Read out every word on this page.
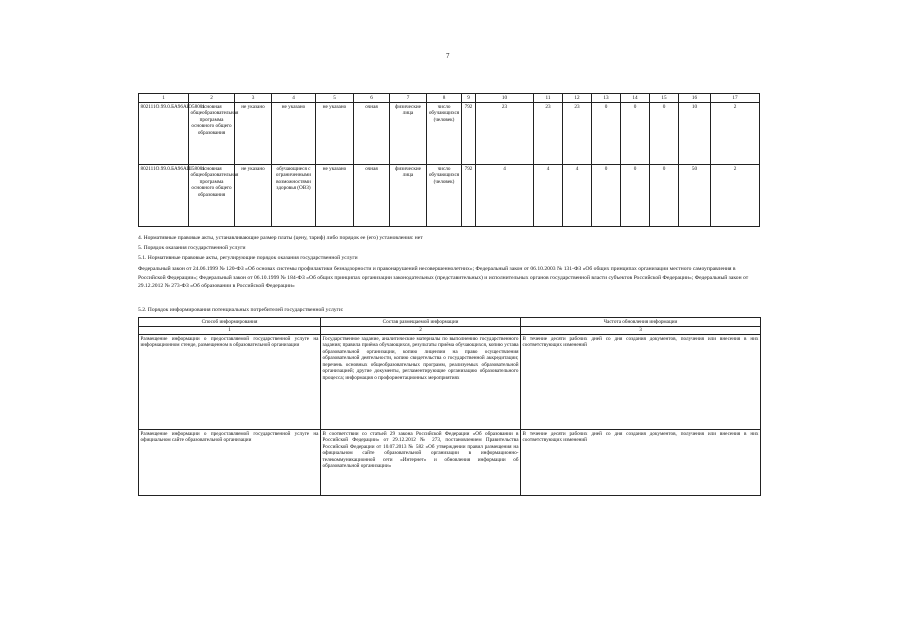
7
1	2	3	4	5	6	7	8	9	10	11	12	13	14	15	16	17
802111О.99.0.БА96АЮ58001	основная общеобразовательная программа основного общего образования	не указано	не указано	не указано	очная	физические лица	число обучающихся (человек)	792	23	23	23	0	0	0	10	2
802111О.99.0.БА96АШ58001	основная общеобразовательная программа основного общего образования	не указано	обучающиеся с ограниченными возможностями здоровья (ОВЗ)	не указано	очная	физические лица	число обучающихся (человек)	792	4	4	4	0	0	0	50	2
4. Нормативные правовые акты, устанавливающие размер платы (цену, тариф) либо порядок ее (его) установления: нет
5. Порядок оказания государственной услуги
5.1. Нормативные правовые акты, регулирующие порядок оказания государственной услуги
Федеральный закон от 24.06.1999 № 120-ФЗ «Об основах системы профилактики безнадзорности и правонарушений несовершеннолетних»; Федеральный закон от 06.10.2003 № 131-ФЗ «Об общих принципах организации местного самоуправления в Российской Федерации»; Федеральный закон от 06.10.1999 № 184-ФЗ «Об общих принципах организации законодательных (представительных) и исполнительных органов государственной власти субъектов Российской Федерации»; Федеральный закон от 29.12.2012 № 273-ФЗ «Об образовании в Российской Федерации»
5.2. Порядок информирования потенциальных потребителей государственной услуги:
Способ информирования	Состав размещаемой информации	Частота обновления информации
1	2	3
Размещение информации о предоставляемой государственной услуге на информационном стенде, размещенном в образовательной организации	Государственное задание, аналитические материалы по выполнению государственного задания; правила приёма обучающихся, результаты приёма обучающихся, копию устава образовательной организации, копию лицензии на право осуществления образовательной деятельности, копию свидетельства о государственной аккредитации; перечень основных общеобразовательных программ, реализуемых образовательной организацией; другие документы, регламентирующие организацию образовательного процесса; информация о профориентационных мероприятиях	В течение десяти рабочих дней со дня создания документов, получения или внесения в них соответствующих изменений
Размещение информации о предоставляемой государственной услуге на официальном сайте образовательной организации	В соответствии со статьей 29 закона Российской Федерации «Об образовании в Российской Федерации» от 29.12.2012 № 273, постановлением Правительства Российской Федерации от 10.07.2013 № 582 «Об утверждении правил размещения на официальном сайте образовательной организации в информационно-телекоммуникационной сети «Интернет» и обновления информации об образовательной организации»	В течение десяти рабочих дней со дня создания документов, получения или внесения в них соответствующих изменений
